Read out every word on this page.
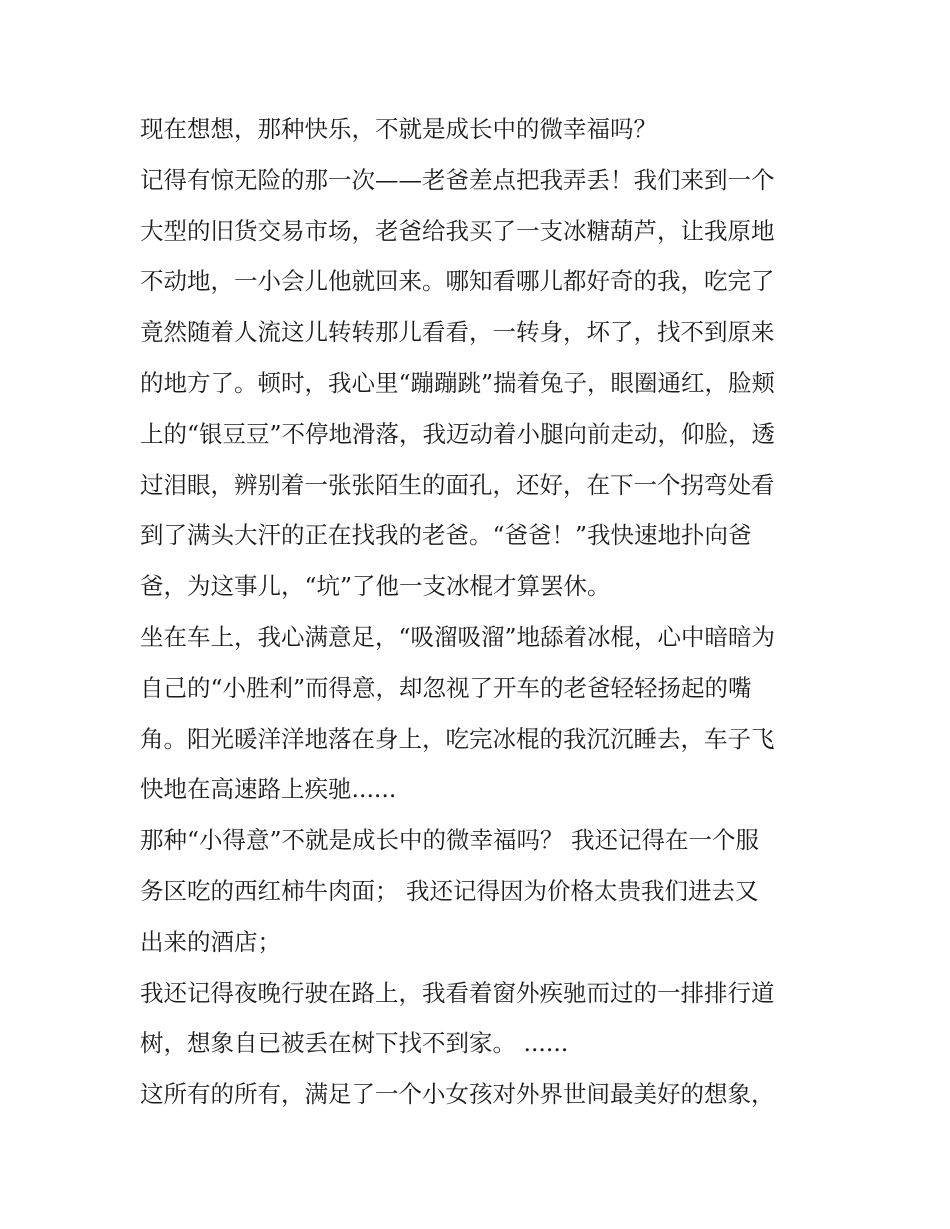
现在想想，那种快乐，不就是成长中的微幸福吗？
记得有惊无险的那一次——老爸差点把我弄丢！我们来到一个
大型的旧货交易市场，老爸给我买了一支冰糖葫芦，让我原地
不动地，一小会儿他就回来。哪知看哪儿都好奇的我，吃完了
竟然随着人流这儿转转那儿看看，一转身，坏了，找不到原来
的地方了。顿时，我心里“蹦蹦跳”揣着兔子，眼圈通红，脸颊
上的“银豆豆”不停地滑落，我迈动着小腿向前走动，仰脸，透
过泪眼，辨别着一张张陌生的面孔，还好，在下一个拐弯处看
到了满头大汗的正在找我的老爸。“爸爸！”我快速地扑向爸
爸，为这事儿，“坑”了他一支冰棍才算罢休。
坐在车上，我心满意足，“吸溜吸溜”地舔着冰棍，心中暗暗为
自己的“小胜利”而得意，却忽视了开车的老爸轻轻扬起的嘴
角。阳光暖洋洋地落在身上，吃完冰棍的我沉沉睡去，车子飞
快地在高速路上疾驰......
那种“小得意”不就是成长中的微幸福吗？ 我还记得在一个服
务区吃的西红柿牛肉面； 我还记得因为价格太贵我们进去又
出来的酒店；
我还记得夜晚行驶在路上，我看着窗外疾驰而过的一排排行道
树，想象自已被丢在树下找不到家。 ......
这所有的所有，满足了一个小女孩对外界世间最美好的想象，
